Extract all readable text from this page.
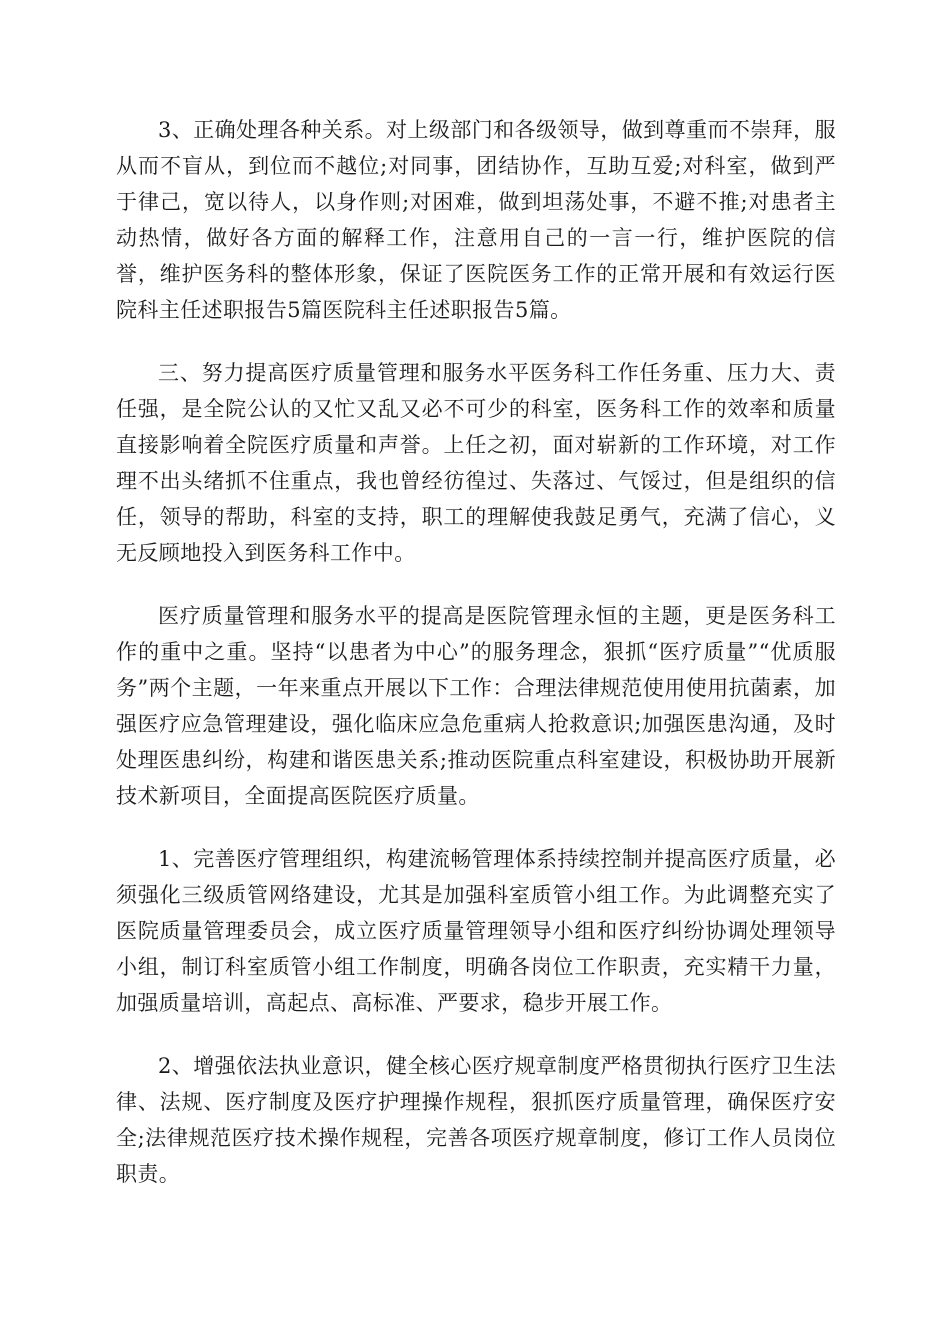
3、正确处理各种关系。对上级部门和各级领导，做到尊重而不崇拜，服从而不盲从，到位而不越位;对同事，团结协作，互助互爱;对科室，做到严于律己，宽以待人，以身作则;对困难，做到坦荡处事，不避不推;对患者主动热情，做好各方面的解释工作，注意用自己的一言一行，维护医院的信誉，维护医务科的整体形象，保证了医院医务工作的正常开展和有效运行医院科主任述职报告5篇医院科主任述职报告5篇。

三、努力提高医疗质量管理和服务水平医务科工作任务重、压力大、责任强，是全院公认的又忙又乱又必不可少的科室，医务科工作的效率和质量直接影响着全院医疗质量和声誉。上任之初，面对崭新的工作环境，对工作理不出头绪抓不住重点，我也曾经彷徨过、失落过、气馁过，但是组织的信任，领导的帮助，科室的支持，职工的理解使我鼓足勇气，充满了信心，义无反顾地投入到医务科工作中。

医疗质量管理和服务水平的提高是医院管理永恒的主题，更是医务科工作的重中之重。坚持“以患者为中心”的服务理念，狠抓“医疗质量”“优质服务”两个主题，一年来重点开展以下工作：合理法律规范使用使用抗菌素，加强医疗应急管理建设，强化临床应急危重病人抢救意识;加强医患沟通，及时处理医患纠纷，构建和谐医患关系;推动医院重点科室建设，积极协助开展新技术新项目，全面提高医院医疗质量。

1、完善医疗管理组织，构建流畅管理体系持续控制并提高医疗质量，必须强化三级质管网络建设，尤其是加强科室质管小组工作。为此调整充实了医院质量管理委员会，成立医疗质量管理领导小组和医疗纠纷协调处理领导小组，制订科室质管小组工作制度，明确各岗位工作职责，充实精干力量，加强质量培训，高起点、高标准、严要求，稳步开展工作。

2、增强依法执业意识，健全核心医疗规章制度严格贯彻执行医疗卫生法律、法规、医疗制度及医疗护理操作规程，狠抓医疗质量管理，确保医疗安全;法律规范医疗技术操作规程，完善各项医疗规章制度，修订工作人员岗位职责。
